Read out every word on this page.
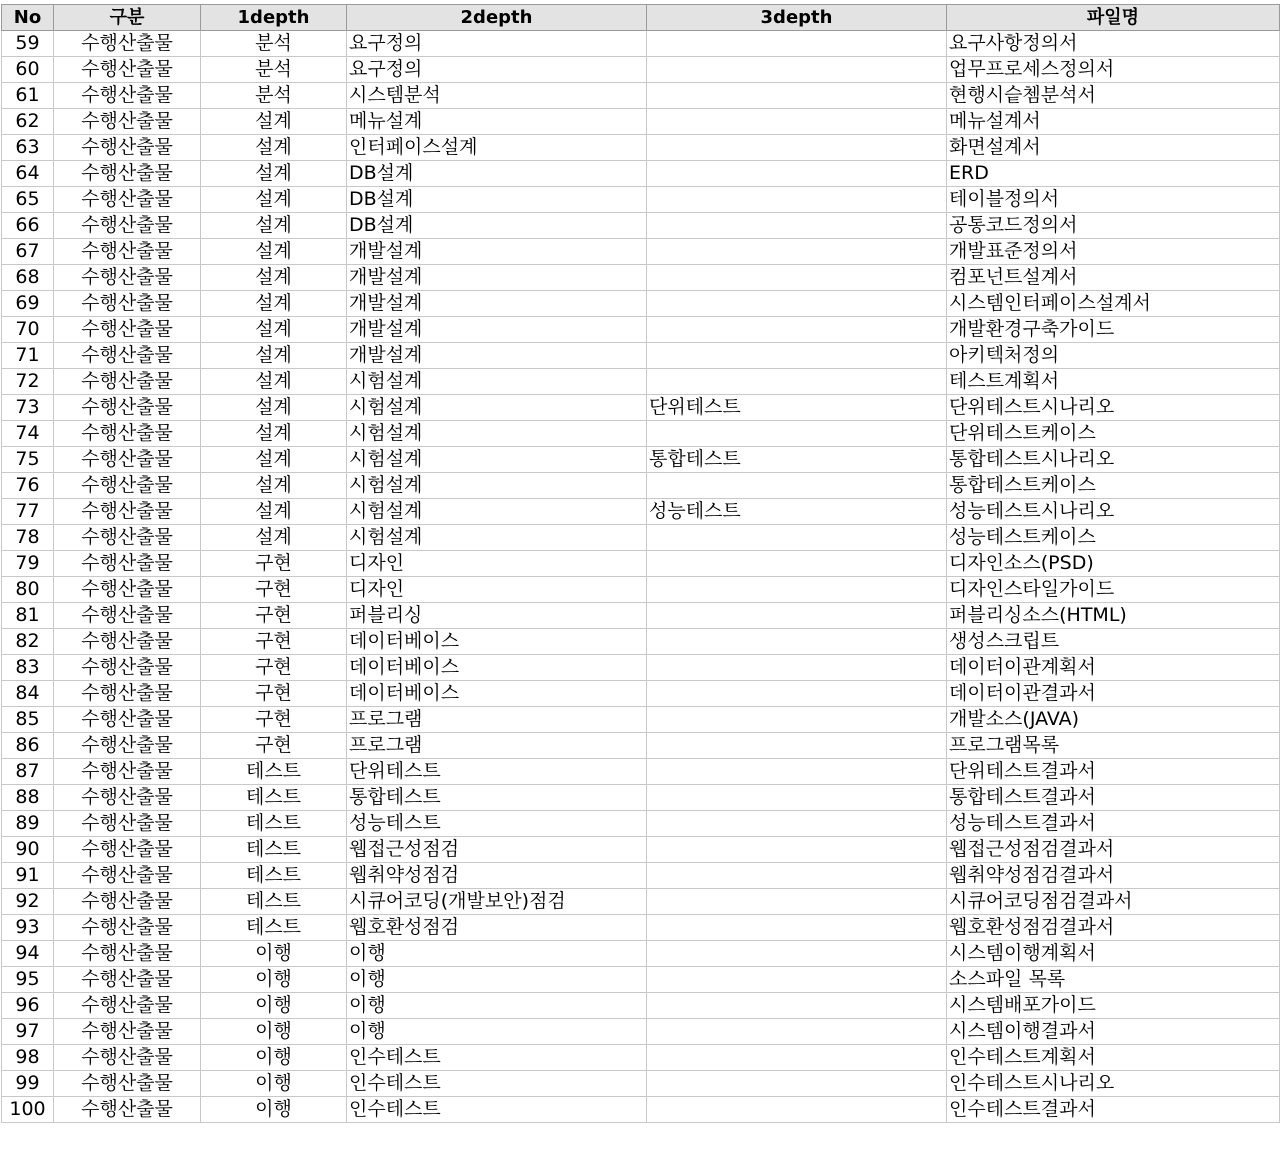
No	구분	1depth	2depth	3depth	파일명
59	수행산출물	분석	요구정의		요구사항정의서
60	수행산출물	분석	요구정의		업무프로세스정의서
61	수행산출물	분석	시스템분석		현행시슽쳄분석서
62	수행산출물	설계	메뉴설계		메뉴설계서
63	수행산출물	설계	인터페이스설계		화면설계서
64	수행산출물	설계	DB설계		ERD
65	수행산출물	설계	DB설계		테이블정의서
66	수행산출물	설계	DB설계		공통코드정의서
67	수행산출물	설계	개발설계		개발표준정의서
68	수행산출물	설계	개발설계		컴포넌트설계서
69	수행산출물	설계	개발설계		시스템인터페이스설계서
70	수행산출물	설계	개발설계		개발환경구축가이드
71	수행산출물	설계	개발설계		아키텍처정의
72	수행산출물	설계	시험설계		테스트계획서
73	수행산출물	설계	시험설계	단위테스트	단위테스트시나리오
74	수행산출물	설계	시험설계		단위테스트케이스
75	수행산출물	설계	시험설계	통합테스트	통합테스트시나리오
76	수행산출물	설계	시험설계		통합테스트케이스
77	수행산출물	설계	시험설계	성능테스트	성능테스트시나리오
78	수행산출물	설계	시험설계		성능테스트케이스
79	수행산출물	구현	디자인		디자인소스(PSD)
80	수행산출물	구현	디자인		디자인스타일가이드
81	수행산출물	구현	퍼블리싱		퍼블리싱소스(HTML)
82	수행산출물	구현	데이터베이스		생성스크립트
83	수행산출물	구현	데이터베이스		데이터이관계획서
84	수행산출물	구현	데이터베이스		데이터이관결과서
85	수행산출물	구현	프로그램		개발소스(JAVA)
86	수행산출물	구현	프로그램		프로그램목록
87	수행산출물	테스트	단위테스트		단위테스트결과서
88	수행산출물	테스트	통합테스트		통합테스트결과서
89	수행산출물	테스트	성능테스트		성능테스트결과서
90	수행산출물	테스트	웹접근성점검		웹접근성점검결과서
91	수행산출물	테스트	웹취약성점검		웹취약성점검결과서
92	수행산출물	테스트	시큐어코딩(개발보안)점검		시큐어코딩점검결과서
93	수행산출물	테스트	웹호환성점검		웹호환성점검결과서
94	수행산출물	이행	이행		시스템이행계획서
95	수행산출물	이행	이행		소스파일 목록
96	수행산출물	이행	이행		시스템배포가이드
97	수행산출물	이행	이행		시스템이행결과서
98	수행산출물	이행	인수테스트		인수테스트계획서
99	수행산출물	이행	인수테스트		인수테스트시나리오
100	수행산출물	이행	인수테스트		인수테스트결과서
